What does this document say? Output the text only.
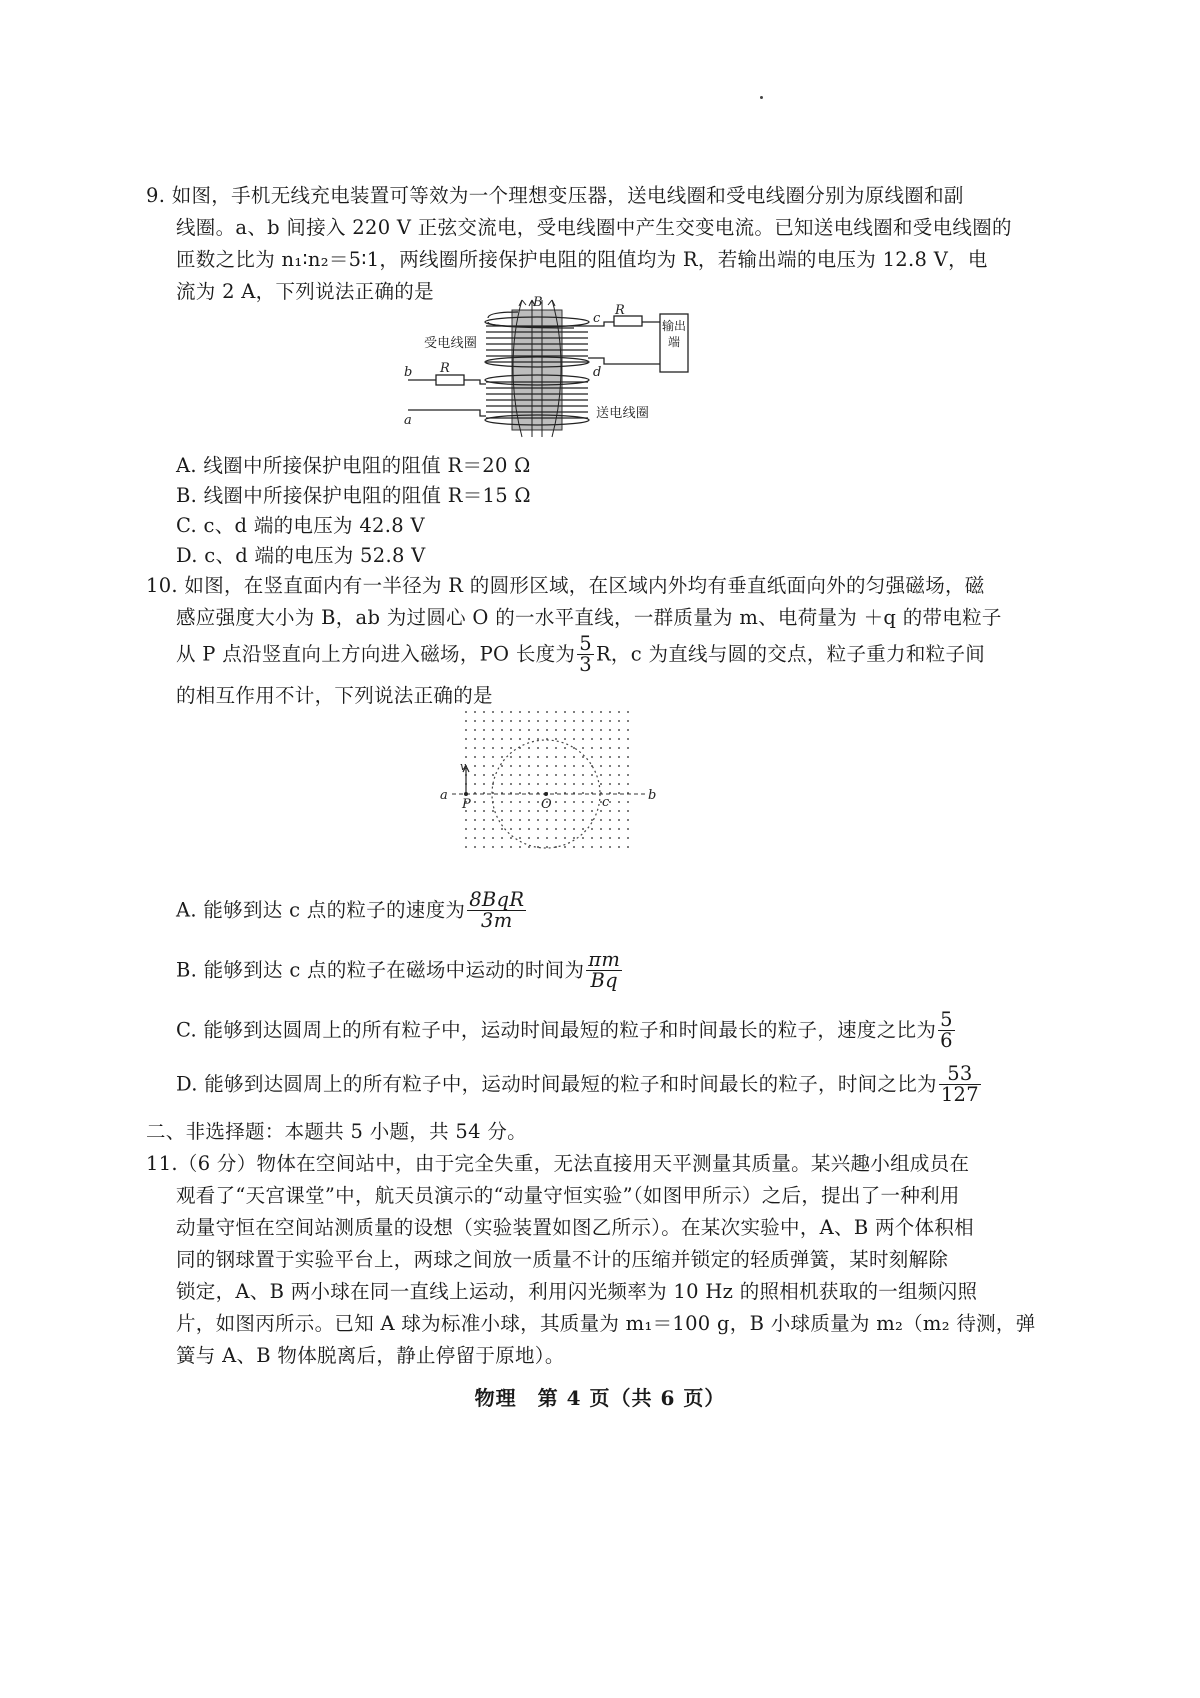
9. 如图，手机无线充电装置可等效为一个理想变压器，送电线圈和受电线圈分别为原线圈和副
线圈。a、b 间接入 220 V 正弦交流电，受电线圈中产生交变电流。已知送电线圈和受电线圈的
匝数之比为 n₁∶n₂＝5∶1，两线圈所接保护电阻的阻值均为 R，若输出端的电压为 12.8 V，电
流为 2 A，下列说法正确的是	B
R
c
d
R
b
a
受电线圈
送电线圈
输出端
A. 线圈中所接保护电阻的阻值 R＝20 Ω
B. 线圈中所接保护电阻的阻值 R＝15 Ω
C. c、d 端的电压为 42.8 V
D. c、d 端的电压为 52.8 V
10. 如图，在竖直面内有一半径为 R 的圆形区域，在区域内外均有垂直纸面向外的匀强磁场，磁
感应强度大小为 B，ab 为过圆心 O 的一水平直线，一群质量为 m、电荷量为 ＋q 的带电粒子
从 P 点沿竖直向上方向进入磁场，PO 长度为 $\frac{5}{3}$ R，c 为直线与圆的交点，粒子重力和粒子间
的相互作用不计，下列说法正确的是
a	b
P	O	c
v
A. 能够到达 c 点的粒子的速度为 $\frac{\text{8BqR}}{3m}$
B. 能够到达 c 点的粒子在磁场中运动的时间为 $\frac{\pi m}{Bq}$
C. 能够到达圆周上的所有粒子中，运动时间最短的粒子和时间最长的粒子，速度之比为 $\frac{5}{6}$
D. 能够到达圆周上的所有粒子中，运动时间最短的粒子和时间最长的粒子，时间之比为 $\frac{53}{127}$
二、非选择题：本题共 5 小题，共 54 分。
11.（6 分）物体在空间站中，由于完全失重，无法直接用天平测量其质量。某兴趣小组成员在
观看了“天宫课堂”中，航天员演示的“动量守恒实验”（如图甲所示）之后，提出了一种利用
动量守恒在空间站测质量的设想（实验装置如图乙所示）。在某次实验中，A、B 两个体积相
同的钢球置于实验平台上，两球之间放一质量不计的压缩并锁定的轻质弹簧，某时刻解除
锁定，A、B 两小球在同一直线上运动，利用闪光频率为 10 Hz 的照相机获取的一组频闪照
片，如图丙所示。已知 A 球为标准小球，其质量为 m₁＝100 g，B 小球质量为 m₂（m₂ 待测，弹
簧与 A、B 物体脱离后，静止停留于原地）。
物理　第 4 页（共 6 页）
